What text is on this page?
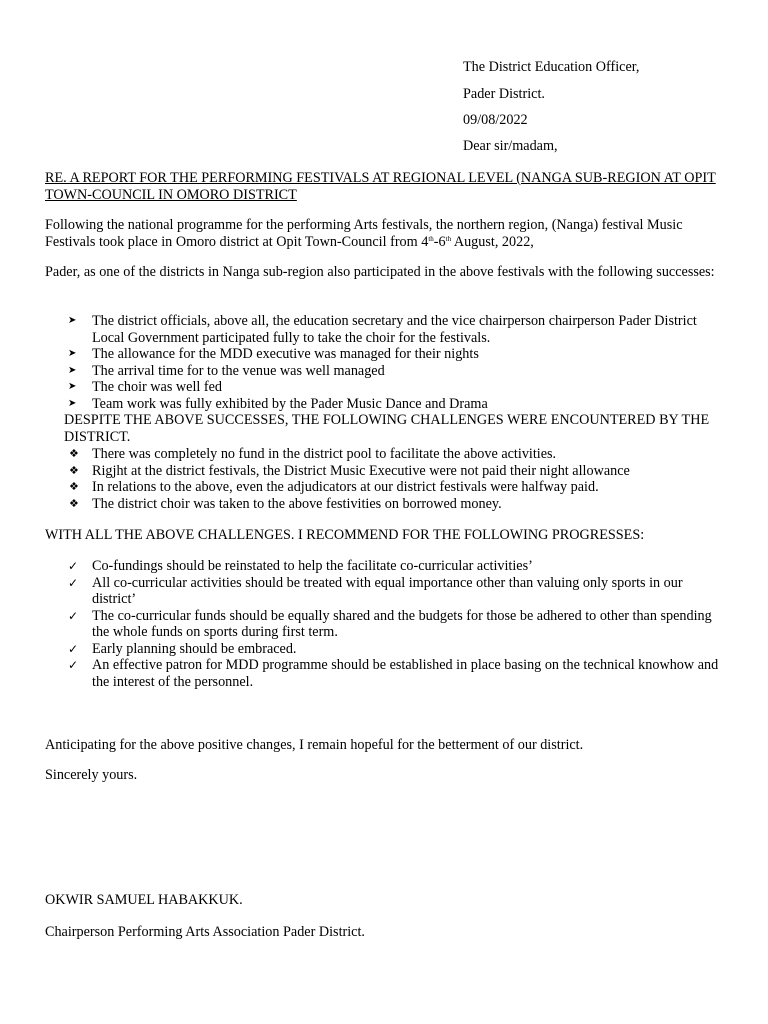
The District Education Officer,
Pader District.
09/08/2022
Dear sir/madam,
RE. A REPORT FOR THE PERFORMING FESTIVALS AT REGIONAL LEVEL (NANGA SUB-REGION AT OPIT TOWN-COUNCIL IN OMORO DISTRICT
Following the national programme for the performing Arts festivals, the northern region, (Nanga) festival Music Festivals took place in Omoro district at Opit Town-Council from 4th-6th August, 2022,
Pader, as one of the districts in Nanga sub-region also participated in the above festivals with the following successes:
➤	The district officials, above all, the education secretary and the vice chairperson chairperson Pader District Local Government participated fully to take the choir for the festivals.
➤	The allowance for the MDD executive was managed for their nights
➤	The arrival time for to the venue was well managed
➤	The choir was well fed
➤	Team work was fully exhibited by the Pader Music Dance and Drama
DESPITE THE ABOVE SUCCESSES, THE FOLLOWING CHALLENGES WERE ENCOUNTERED BY THE DISTRICT.
❖ There was completely no fund in the district pool to facilitate the above activities.
❖ Rigjht at the district festivals, the District Music Executive were not paid their night allowance
❖ In relations to the above, even the adjudicators at our district festivals were halfway paid.
❖ The district choir was taken to the above festivities on borrowed money.
WITH ALL THE ABOVE CHALLENGES. I RECOMMEND FOR THE FOLLOWING PROGRESSES:
✓ Co-fundings should be reinstated to help the facilitate co-curricular activities’
✓ All co-curricular activities should be treated with equal importance other than valuing only sports in our district’
✓ The co-curricular funds should be equally shared and the budgets for those be adhered to other than spending the whole funds on sports during first term.
✓ Early planning should be embraced.
✓ An effective patron for MDD programme should be established in place basing on the technical knowhow and the interest of the personnel.
Anticipating for the above positive changes, I remain hopeful for the betterment of our district.
Sincerely yours.
OKWIR SAMUEL HABAKKUK.
Chairperson Performing Arts Association Pader District.
